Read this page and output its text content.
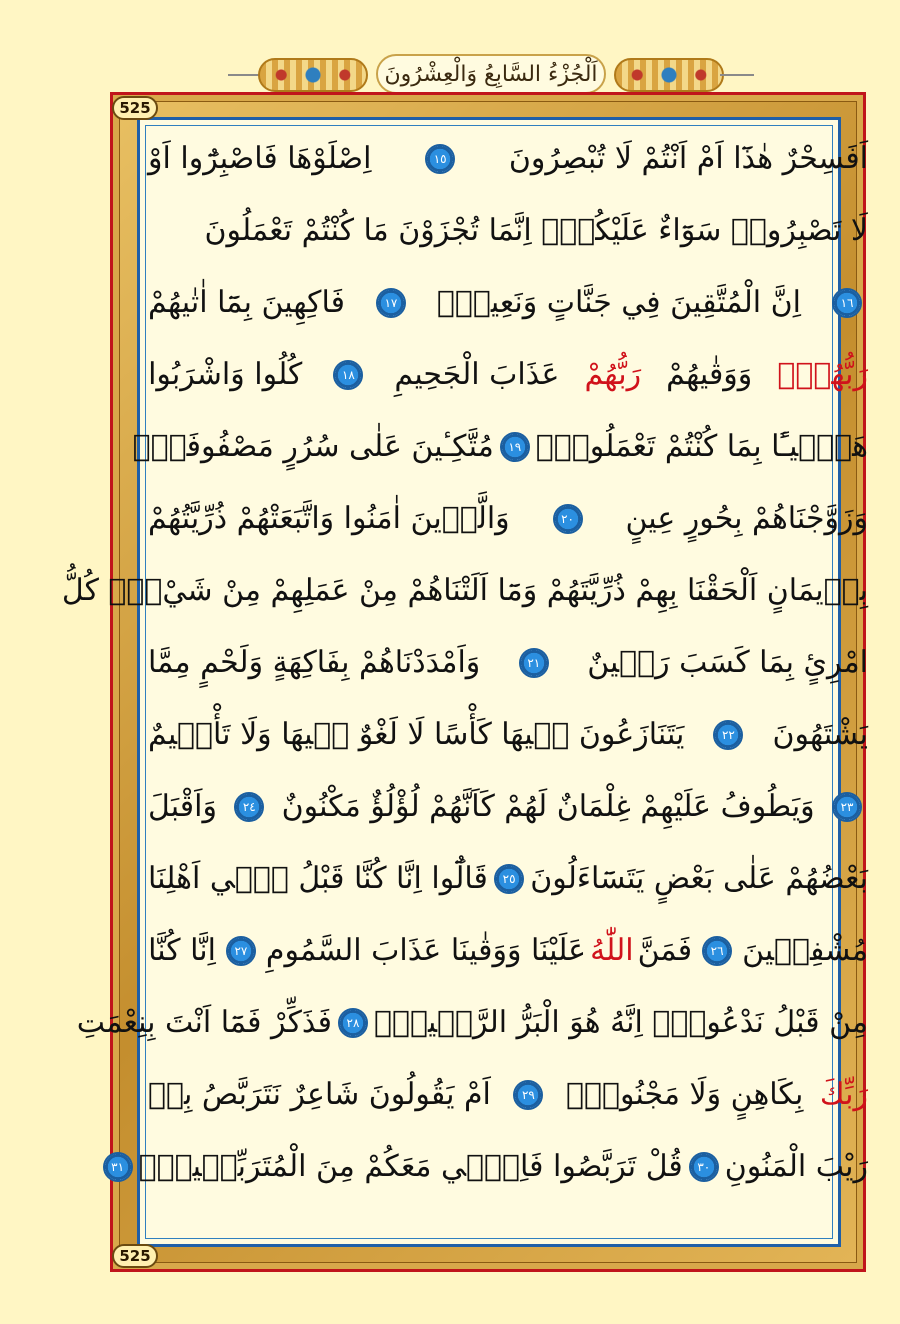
اَلْجُزْءُ السَّابِعُ وَالْعِشْرُونَ
525
525
اَفَسِحْرٌ هٰذَٓا اَمْ اَنْتُمْ لَا تُبْصِرُونَ
١٥
اِصْلَوْهَا فَاصْبِرُٓوا اَوْ
لَا تَصْبِرُواۚ سَوَٓاءٌ عَلَيْكُمْۜ اِنَّمَا تُجْزَوْنَ مَا كُنْتُمْ تَعْمَلُونَ
١٦
اِنَّ الْمُتَّقِينَ فِي جَنَّاتٍ وَنَعِيمٍۙ
١٧
فَاكِهِينَ بِمَٓا اٰتٰيهُمْ
رَبُّهُمْۚ
وَوَقٰيهُمْ
رَبُّهُمْ
عَذَابَ الْجَحِيمِ
١٨
كُلُوا وَاشْرَبُوا
هَنٖٓيـًٔا بِمَا كُنْتُمْ تَعْمَلُونَۙ
١٩
مُتَّكِـٔينَ عَلٰى سُرُرٍ مَصْفُوفَةٍۚ
وَزَوَّجْنَاهُمْ بِحُورٍ عِينٍ
٢٠
وَالَّذٖينَ اٰمَنُوا وَاتَّبَعَتْهُمْ ذُرِّيَّتُهُمْ
بِاٖيمَانٍ اَلْحَقْنَا بِهِمْ ذُرِّيَّتَهُمْ وَمَٓا اَلَتْنَاهُمْ مِنْ عَمَلِهِمْ مِنْ شَيْءٍۜ كُلُّ
امْرِئٍ بِمَا كَسَبَ رَهٖينٌ
٢١
وَاَمْدَدْنَاهُمْ بِفَاكِهَةٍ وَلَحْمٍ مِمَّا
يَشْتَهُونَ
٢٢
يَتَنَازَعُونَ فٖيهَا كَأْسًا لَا لَغْوٌ فٖيهَا وَلَا تَأْثٖيمٌ
٢٣
وَيَطُوفُ عَلَيْهِمْ غِلْمَانٌ لَهُمْ كَاَنَّهُمْ لُؤْلُؤٌ مَكْنُونٌ
٢٤
وَاَقْبَلَ
بَعْضُهُمْ عَلٰى بَعْضٍ يَتَسَٓاءَلُونَ
٢٥
قَالُٓوا اِنَّا كُنَّا قَبْلُ فٖٓي اَهْلِنَا
مُشْفِقٖينَ
٢٦
فَمَنَّ
اللّٰهُ
عَلَيْنَا وَوَقٰينَا عَذَابَ السَّمُومِ
٢٧
اِنَّا كُنَّا
مِنْ قَبْلُ نَدْعُوهُۜ اِنَّهُ هُوَ الْبَرُّ الرَّحٖيمُۚ
٢٨
فَذَكِّرْ فَمَٓا اَنْتَ بِنِعْمَتِ
رَبِّكَ
بِكَاهِنٍ وَلَا مَجْنُونٍۜ
٢٩
اَمْ يَقُولُونَ شَاعِرٌ نَتَرَبَّصُ بِهٖ
رَيْبَ الْمَنُونِ
٣٠
قُلْ تَرَبَّصُوا فَاِنّٖي مَعَكُمْ مِنَ الْمُتَرَبِّصٖينَۜ
٣١
